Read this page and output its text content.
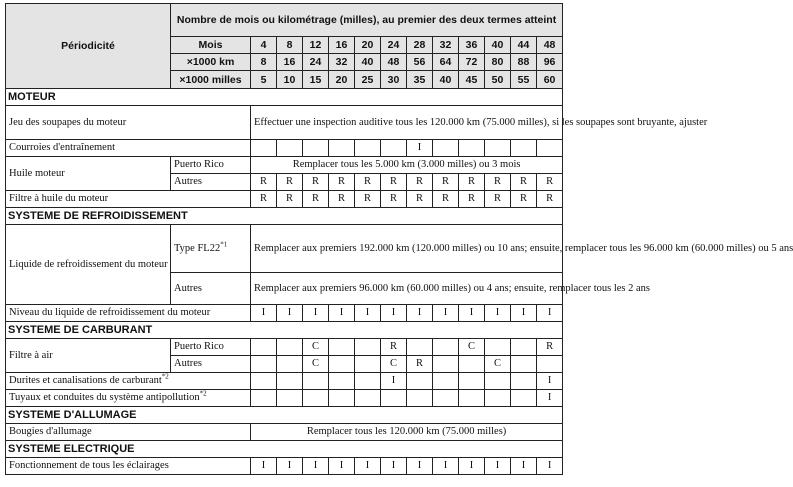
Périodicité	Nombre de mois ou kilométrage (milles), au premier des deux termes atteint												
	Mois	4	8	12	16	20	24	28	32	36	40	44	48
	×1000 km	8	16	24	32	40	48	56	64	72	80	88	96
	×1000 milles	5	10	15	20	25	30	35	40	45	50	55	60
MOTEUR													
Jeu des soupapes du moteur		Effectuer une inspection auditive tous les 120.000 km (75.000 milles), si les soupapes sont bruyante, ajuster											
Courroies d'entraînement								I					
Huile moteur	Puerto Rico	Remplacer tous les 5.000 km (3.000 milles) ou 3 mois											
	Autres	R	R	R	R	R	R	R	R	R	R	R	R
Filtre à huile du moteur		R	R	R	R	R	R	R	R	R	R	R	R
SYSTEME DE REFROIDISSEMENT													
Liquide de refroidissement du moteur	Type FL22$^{*1}$	Remplacer aux premiers 192.000 km (120.000 milles) ou 10 ans; ensuite, remplacer tous les 96.000 km (60.000 milles) ou 5 ans											
	Autres	Remplacer aux premiers 96.000 km (60.000 milles) ou 4 ans; ensuite, remplacer tous les 2 ans											
Niveau du liquide de refroidissement du moteur		I	I	I	I	I	I	I	I	I	I	I	I
SYSTEME DE CARBURANT													
Filtre à air	Puerto Rico			C			R			C			R
	Autres			C			C	R			C		
Durites et canalisations de carburant$^{*2}$							I						I
Tuyaux et conduites du système antipollution$^{*2}$													I
SYSTEME D'ALLUMAGE													
Bougies d'allumage		Remplacer tous les 120.000 km (75.000 milles)											
SYSTEME ELECTRIQUE													
Fonctionnement de tous les éclairages		I	I	I	I	I	I	I	I	I	I	I	I
